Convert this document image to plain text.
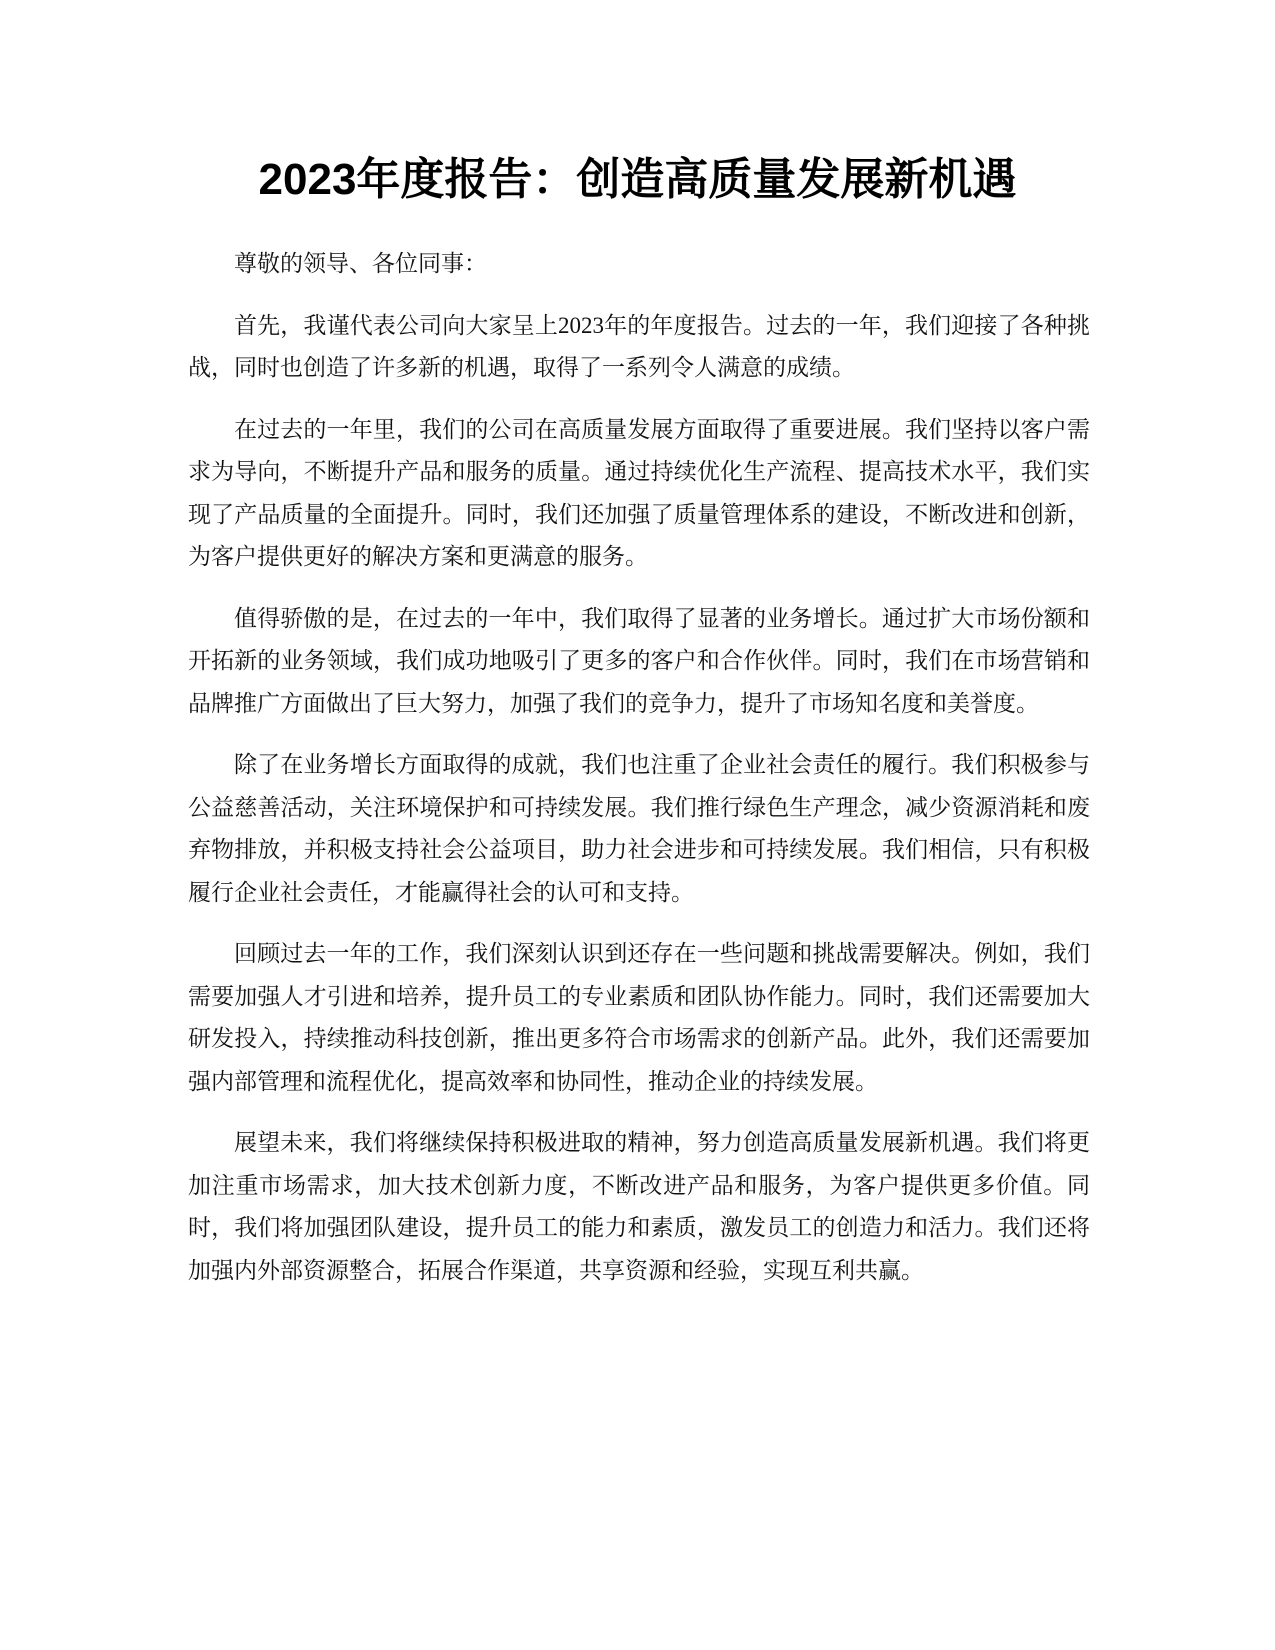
2023年度报告：创造高质量发展新机遇

尊敬的领导、各位同事：

首先，我谨代表公司向大家呈上2023年的年度报告。过去的一年，我们迎接了各种挑战，同时也创造了许多新的机遇，取得了一系列令人满意的成绩。

在过去的一年里，我们的公司在高质量发展方面取得了重要进展。我们坚持以客户需求为导向，不断提升产品和服务的质量。通过持续优化生产流程、提高技术水平，我们实现了产品质量的全面提升。同时，我们还加强了质量管理体系的建设，不断改进和创新，为客户提供更好的解决方案和更满意的服务。

值得骄傲的是，在过去的一年中，我们取得了显著的业务增长。通过扩大市场份额和开拓新的业务领域，我们成功地吸引了更多的客户和合作伙伴。同时，我们在市场营销和品牌推广方面做出了巨大努力，加强了我们的竞争力，提升了市场知名度和美誉度。

除了在业务增长方面取得的成就，我们也注重了企业社会责任的履行。我们积极参与公益慈善活动，关注环境保护和可持续发展。我们推行绿色生产理念，减少资源消耗和废弃物排放，并积极支持社会公益项目，助力社会进步和可持续发展。我们相信，只有积极履行企业社会责任，才能赢得社会的认可和支持。

回顾过去一年的工作，我们深刻认识到还存在一些问题和挑战需要解决。例如，我们需要加强人才引进和培养，提升员工的专业素质和团队协作能力。同时，我们还需要加大研发投入，持续推动科技创新，推出更多符合市场需求的创新产品。此外，我们还需要加强内部管理和流程优化，提高效率和协同性，推动企业的持续发展。

展望未来，我们将继续保持积极进取的精神，努力创造高质量发展新机遇。我们将更加注重市场需求，加大技术创新力度，不断改进产品和服务，为客户提供更多价值。同时，我们将加强团队建设，提升员工的能力和素质，激发员工的创造力和活力。我们还将加强内外部资源整合，拓展合作渠道，共享资源和经验，实现互利共赢。
